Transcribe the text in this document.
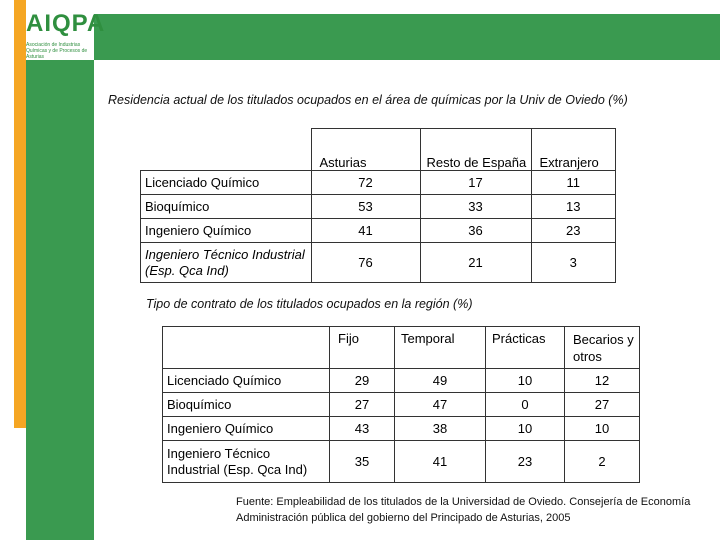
AIQPA
Asociación de Industrias Químicas y de Procesos de Asturias
Residencia actual de los titulados ocupados en el área de químicas por la Univ de Oviedo (%)
	Asturias	Resto de España	Extranjero
Licenciado Químico	72	17	11
Bioquímico	53	33	13
Ingeniero Químico	41	36	23
Ingeniero Técnico Industrial (Esp. Qca Ind)	76	21	3
Tipo de contrato de los titulados ocupados en la región (%)
	Fijo	Temporal	Prácticas	Becarios y otros
Licenciado Químico	29	49	10	12
Bioquímico	27	47	0	27
Ingeniero Químico	43	38	10	10
Ingeniero Técnico Industrial (Esp. Qca Ind)	35	41	23	2
Fuente: Empleabilidad de los titulados de la Universidad de Oviedo. Consejería de Economía Administración pública del gobierno del Principado de Asturias, 2005
